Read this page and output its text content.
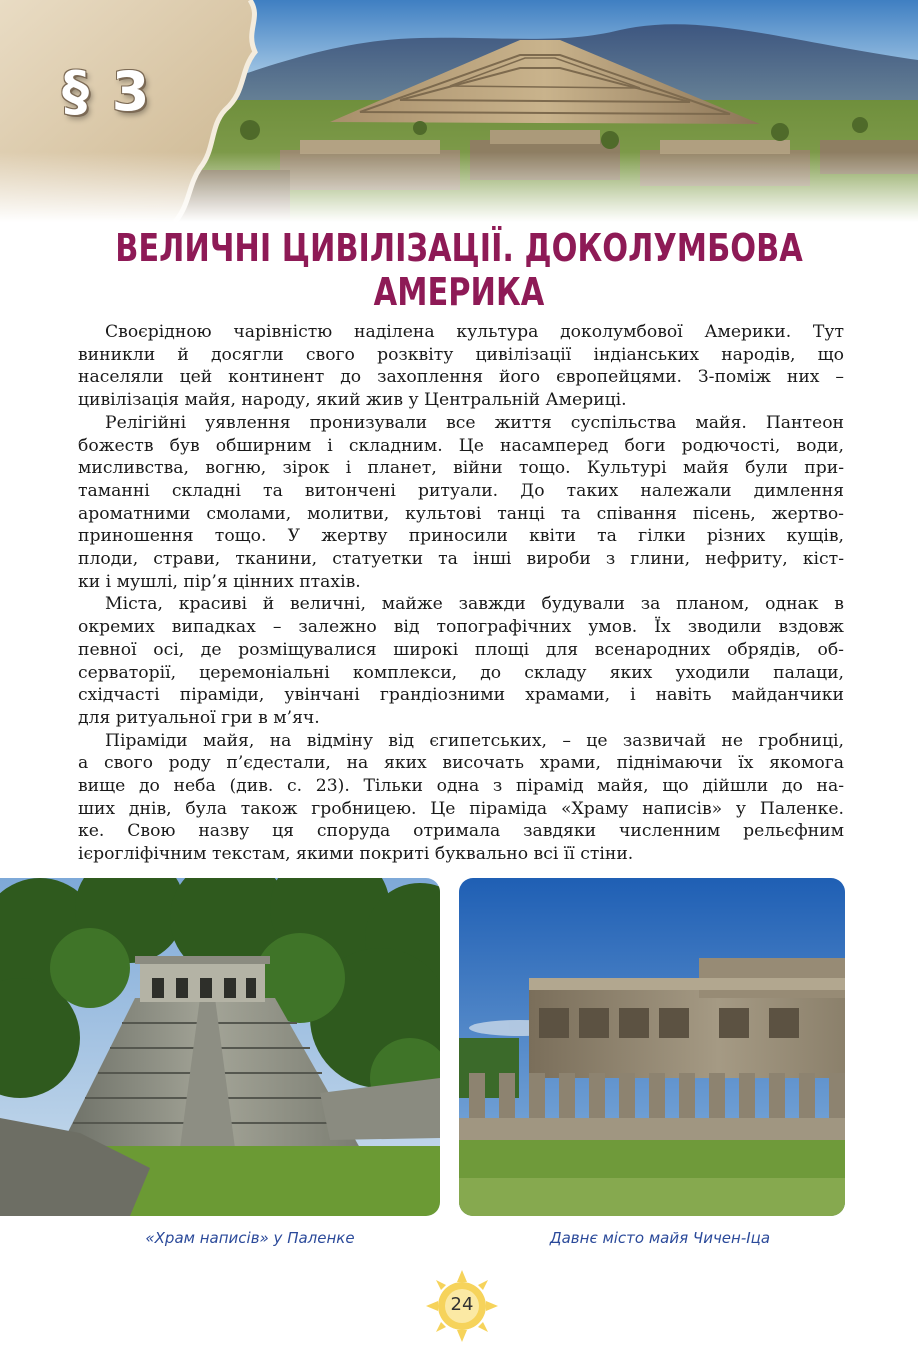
§ 3
ВЕЛИЧНІ ЦИВІЛІЗАЦІЇ. ДОКОЛУМБОВА АМЕРИКА

Своєрідною чарівністю наділена культура доколумбової Америки. Тут
виникли й досягли свого розквіту цивілізації індіанських народів, що
населяли цей континент до захоплення його європейцями. З-поміж них –
цивілізація майя, народу, який жив у Центральній Америці.

Релігійні уявлення пронизували все життя суспільства майя. Пантеон
божеств був обширним і складним. Це насамперед боги родючості, води,
мисливства, вогню, зірок і планет, війни тощо. Культурі майя були при-
таманні складні та витончені ритуали. До таких належали димлення
ароматними смолами, молитви, культові танці та співання пісень, жертво-
приношення тощо. У жертву приносили квіти та гілки різних кущів,
плоди, страви, тканини, статуетки та інші вироби з глини, нефриту, кіст-
ки і мушлі, пір’я цінних птахів.

Міста, красиві й величні, майже завжди будували за планом, однак в
окремих випадках – залежно від топографічних умов. Їх зводили вздовж
певної осі, де розміщувалися широкі площі для всенародних обрядів, об-
серваторії, церемоніальні комплекси, до складу яких уходили палаци,
східчасті піраміди, увінчані грандіозними храмами, і навіть майданчики
для ритуальної гри в м’яч.

Піраміди майя, на відміну від єгипетських, – це зазвичай не гробниці,
а свого роду п’єдестали, на яких височать храми, піднімаючи їх якомога
вище до неба (див. с. 23). Тільки одна з пірамід майя, що дійшли до на-
ших днів, була також гробницею. Це піраміда «Храму написів» у Паленке.
ке. Свою назву ця споруда отримала завдяки численним рельєфним
ієрогліфічним текстам, якими покриті буквально всі її стіни.

«Храм написів» у Паленке	Давнє місто майя Чичен-Іца
24
